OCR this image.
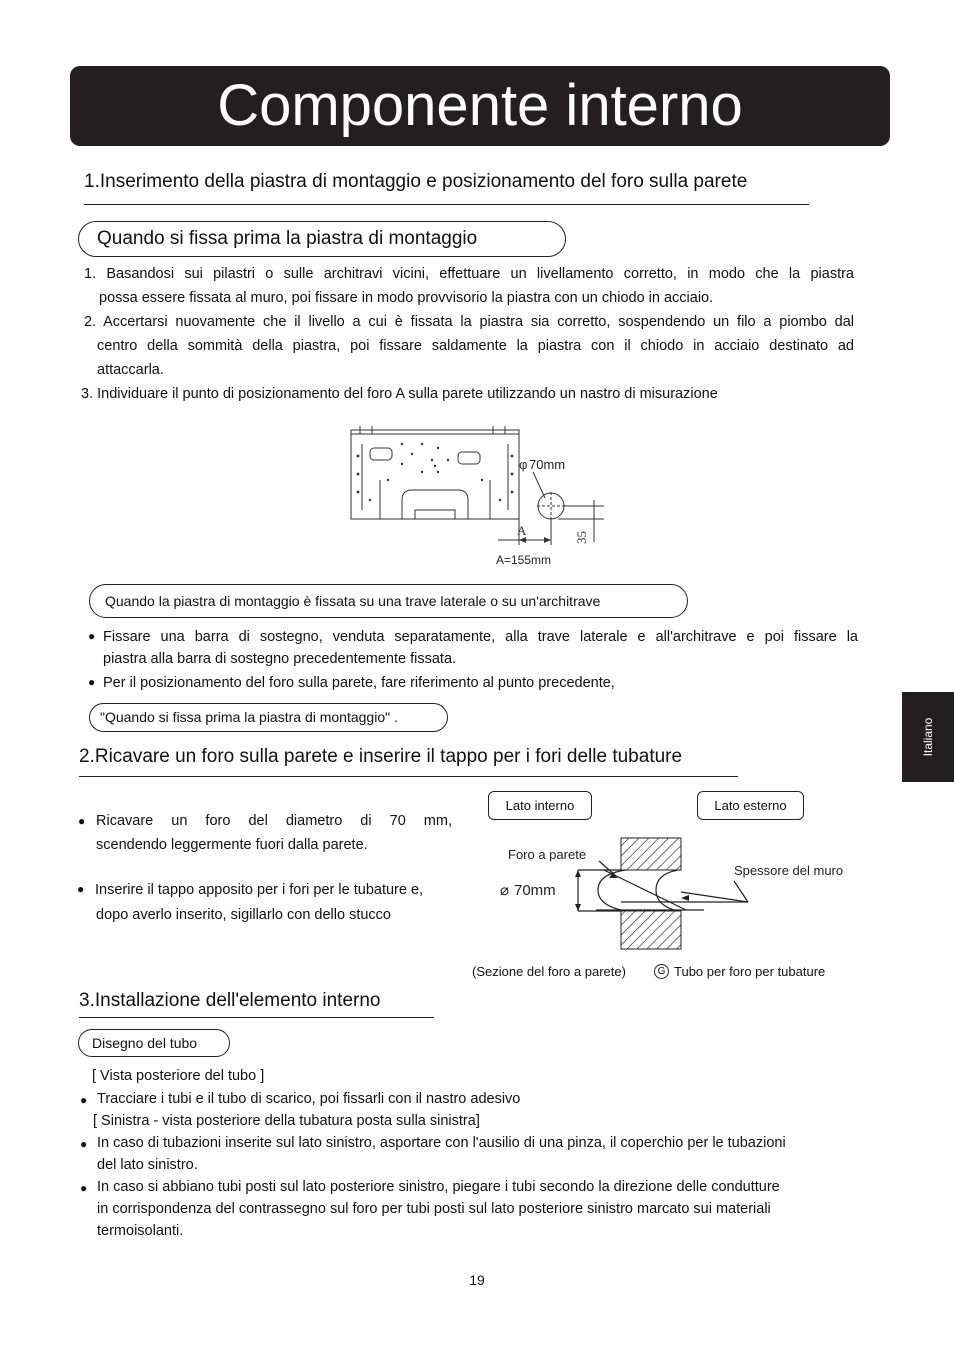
Componente interno
Italiano
1.Inserimento della piastra di montaggio e posizionamento del foro sulla parete
Quando si fissa prima la piastra di montaggio
1. Basandosi sui pilastri o sulle architravi vicini, effettuare un livellamento corretto, in modo che la piastra
possa essere fissata al muro, poi fissare in modo provvisorio la piastra con un chiodo in acciaio.
2. Accertarsi nuovamente che il livello a cui è fissata la piastra sia corretto, sospendendo un filo a piombo dal
centro della sommità della piastra, poi fissare saldamente la piastra con il chiodo in acciaio destinato ad
attaccarla.
3. Individuare il punto di posizionamento del foro A sulla parete utilizzando un nastro di misurazione
φ 70mm
A	35
A=155mm
Quando la piastra di montaggio è fissata su una trave laterale o su un'architrave
● Fissare una barra di sostegno, venduta separatamente, alla trave laterale e all'architrave e poi fissare la
piastra alla barra di sostegno precedentemente fissata.
● Per il posizionamento del foro sulla parete, fare riferimento al punto precedente,
"Quando si fissa prima la piastra di montaggio" .
2.Ricavare un foro sulla parete e inserire il tappo per i fori delle tubature
● Ricavare un foro del diametro di 70 mm,
scendendo leggermente fuori dalla parete.
● Inserire il tappo apposito per i fori per le tubature e,
dopo averlo inserito, sigillarlo con dello stucco
Lato interno	Lato esterno
Foro a parete
Spessore del muro
⌀ 70mm
(Sezione del foro a parete)	G Tubo per foro per tubature
3.Installazione dell'elemento interno
Disegno del tubo
[ Vista posteriore del tubo ]
● Tracciare i tubi e il tubo di scarico, poi fissarli con il nastro adesivo
[ Sinistra - vista posteriore della tubatura posta sulla sinistra]
● In caso di tubazioni inserite sul lato sinistro, asportare con l'ausilio di una pinza, il coperchio per le tubazioni
del lato sinistro.
● In caso si abbiano tubi posti sul lato posteriore sinistro, piegare i tubi secondo la direzione delle condutture
in corrispondenza del contrassegno sul foro per tubi posti sul lato posteriore sinistro marcato sui materiali
termoisolanti.
19
